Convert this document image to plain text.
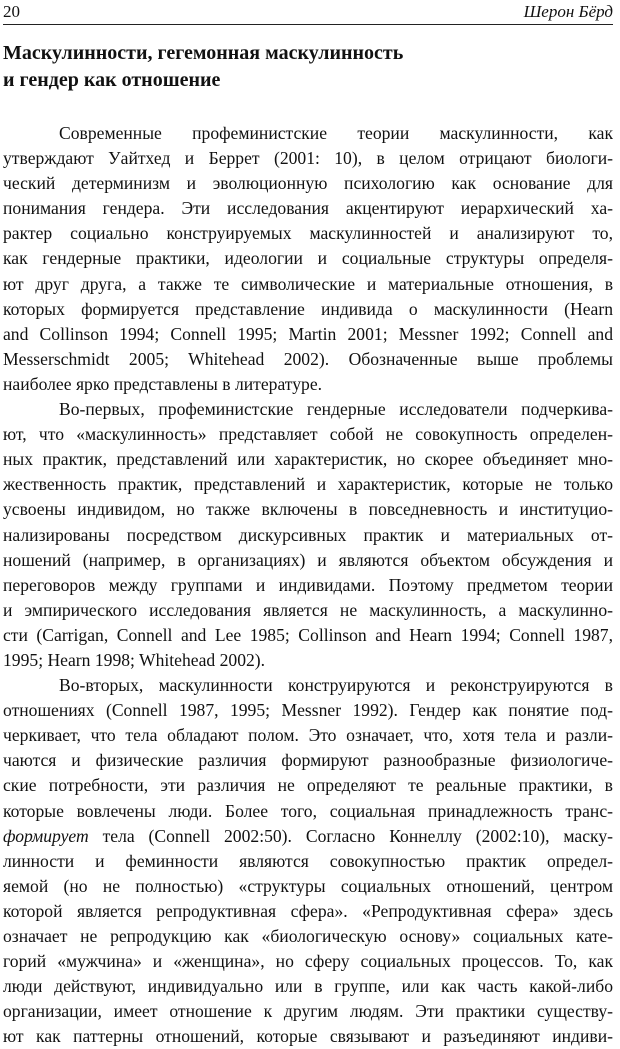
20	Шерон Бёрд
Маскулинности, гегемонная маскулинность
и гендер как отношение

Современные профеминистские теории маскулинности, как
утверждают Уайтхед и Беррет (2001: 10), в целом отрицают биологи-
ческий детерминизм и эволюционную психологию как основание для
понимания гендера. Эти исследования акцентируют иерархический ха-
рактер социально конструируемых маскулинностей и анализируют то,
как гендерные практики, идеологии и социальные структуры определя-
ют друг друга, а также те символические и материальные отношения, в
которых формируется представление индивида о маскулинности (Hearn
and Collinson 1994; Connell 1995; Martin 2001; Messner 1992; Connell and
Messerschmidt 2005; Whitehead 2002). Обозначенные выше проблемы
наиболее ярко представлены в литературе.

Во-первых, профеминистские гендерные исследователи подчеркива-
ют, что «маскулинность» представляет собой не совокупность определен-
ных практик, представлений или характеристик, но скорее объединяет мно-
жественность практик, представлений и характеристик, которые не только
усвоены индивидом, но также включены в повседневность и институцио-
нализированы посредством дискурсивных практик и материальных от-
ношений (например, в организациях) и являются объектом обсуждения и
переговоров между группами и индивидами. Поэтому предметом теории
и эмпирического исследования является не маскулинность, а маскулинно-
сти (Carrigan, Connell and Lee 1985; Collinson and Hearn 1994; Connell 1987,
1995; Hearn 1998; Whitehead 2002).

Во-вторых, маскулинности конструируются и реконструируются в
отношениях (Connell 1987, 1995; Messner 1992). Гендер как понятие под-
черкивает, что тела обладают полом. Это означает, что, хотя тела и разли-
чаются и физические различия формируют разнообразные физиологиче-
ские потребности, эти различия не определяют те реальные практики, в
которые вовлечены люди. Более того, социальная принадлежность транс-
формирует тела (Connell 2002:50). Согласно Коннеллу (2002:10), маску-
линности и феминности являются совокупностью практик определ-
яемой (но не полностью) «структуры социальных отношений, центром
которой является репродуктивная сфера». «Репродуктивная сфера» здесь
означает не репродукцию как «биологическую основу» социальных кате-
горий «мужчина» и «женщина», но сферу социальных процессов. То, как
люди действуют, индивидуально или в группе, или как часть какой-либо
организации, имеет отношение к другим людям. Эти практики существу-
ют как паттерны отношений, которые связывают и разъединяют индиви-
